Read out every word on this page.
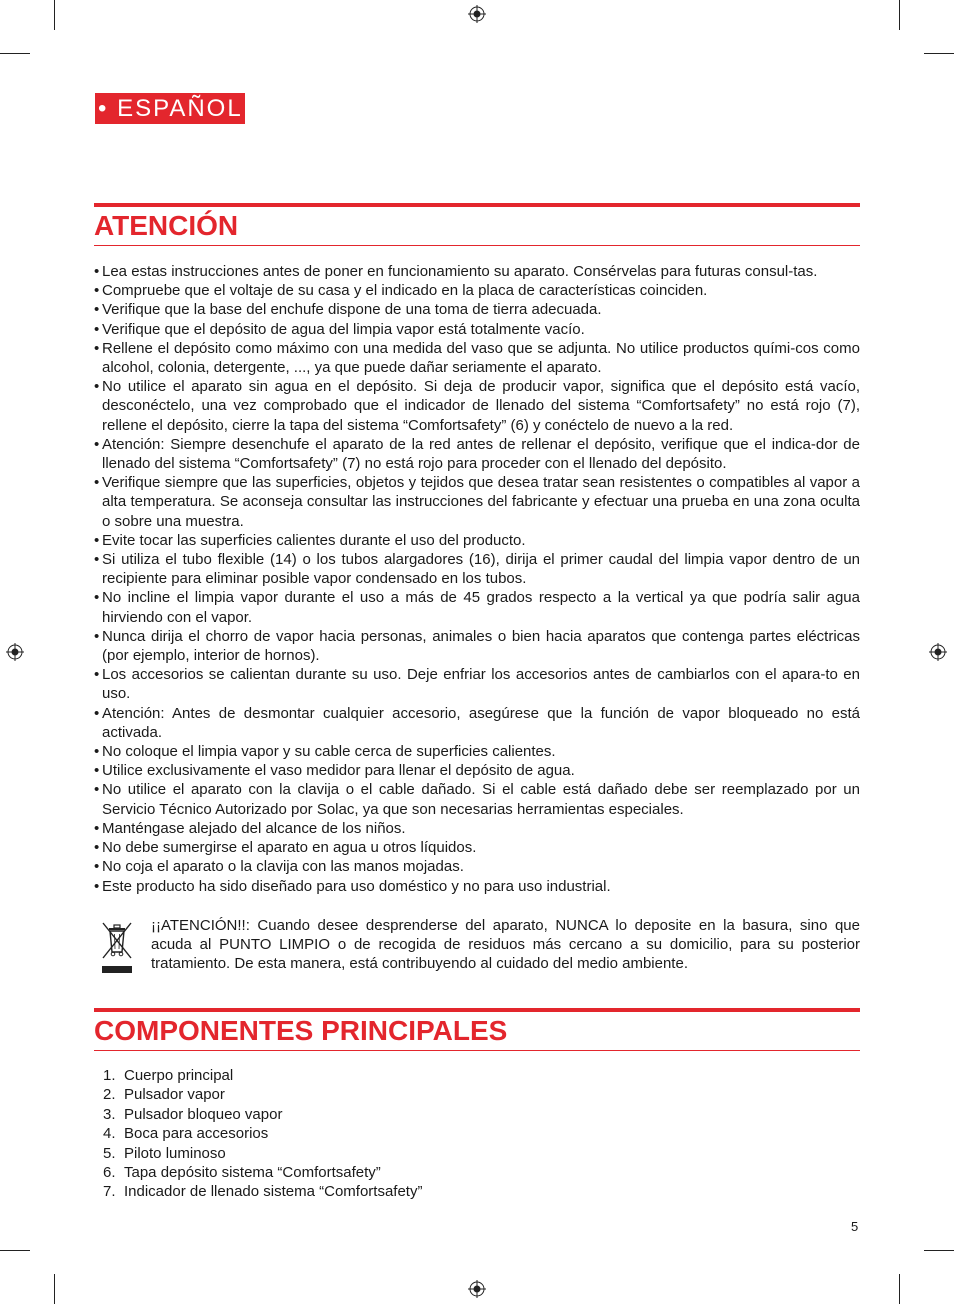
• ESPAÑOL
ATENCIÓN
• Lea estas instrucciones antes de poner en funcionamiento su aparato. Consérvelas para futuras consul-tas.
• Compruebe que el voltaje de su casa y el indicado en la placa de características coinciden.
• Verifique que la base del enchufe dispone de una toma de tierra adecuada.
• Verifique que el depósito de agua del limpia vapor está totalmente vacío.
• Rellene el depósito como máximo con una medida del vaso que se adjunta. No utilice productos quími-cos como alcohol, colonia, detergente, ..., ya que puede dañar seriamente el aparato.
• No utilice el aparato sin agua en el depósito. Si deja de producir vapor, significa que el depósito está vacío, desconéctelo, una vez comprobado que el indicador de llenado del sistema “Comfortsafety” no está rojo (7), rellene el depósito, cierre la tapa del sistema “Comfortsafety” (6) y conéctelo de nuevo a la red.
• Atención: Siempre desenchufe el aparato de la red antes de rellenar el depósito, verifique que el indica-dor de llenado del sistema “Comfortsafety” (7) no está rojo para proceder con el llenado del depósito.
• Verifique siempre que las superficies, objetos y tejidos que desea tratar sean resistentes o compatibles al vapor a alta temperatura. Se aconseja consultar las instrucciones del fabricante y efectuar una prueba en una zona oculta o sobre una muestra.
• Evite tocar las superficies calientes durante el uso del producto.
• Si utiliza el tubo flexible (14) o los tubos alargadores (16), dirija el primer caudal del limpia vapor dentro de un recipiente para eliminar posible vapor condensado en los tubos.
• No incline el limpia vapor durante el uso a más de 45 grados respecto a la vertical ya que podría salir agua hirviendo con el vapor.
• Nunca dirija el chorro de vapor hacia personas, animales o bien hacia aparatos que contenga partes eléctricas (por ejemplo, interior de hornos).
• Los accesorios se calientan durante su uso. Deje enfriar los accesorios antes de cambiarlos con el apara-to en uso.
• Atención: Antes de desmontar cualquier accesorio, asegúrese que la función de vapor bloqueado no está activada.
• No coloque el limpia vapor y su cable cerca de superficies calientes.
• Utilice exclusivamente el vaso medidor para llenar el depósito de agua.
• No utilice el aparato con la clavija o el cable dañado. Si el cable está dañado debe ser reemplazado por un Servicio Técnico Autorizado por Solac, ya que son necesarias herramientas especiales.
• Manténgase alejado del alcance de los niños.
• No debe sumergirse el aparato en agua u otros líquidos.
• No coja el aparato o la clavija con las manos mojadas.
• Este producto ha sido diseñado para uso doméstico y no para uso industrial.
¡¡ATENCIÓN!!: Cuando desee desprenderse del aparato, NUNCA lo deposite en la basura, sino que acuda al PUNTO LIMPIO o de recogida de residuos más cercano a su domicilio, para su posterior tratamiento. De esta manera, está contribuyendo al cuidado del medio ambiente.
COMPONENTES PRINCIPALES
1. Cuerpo principal
2. Pulsador vapor
3. Pulsador bloqueo vapor
4. Boca para accesorios
5. Piloto luminoso
6. Tapa depósito sistema “Comfortsafety”
7. Indicador de llenado sistema “Comfortsafety”
5
